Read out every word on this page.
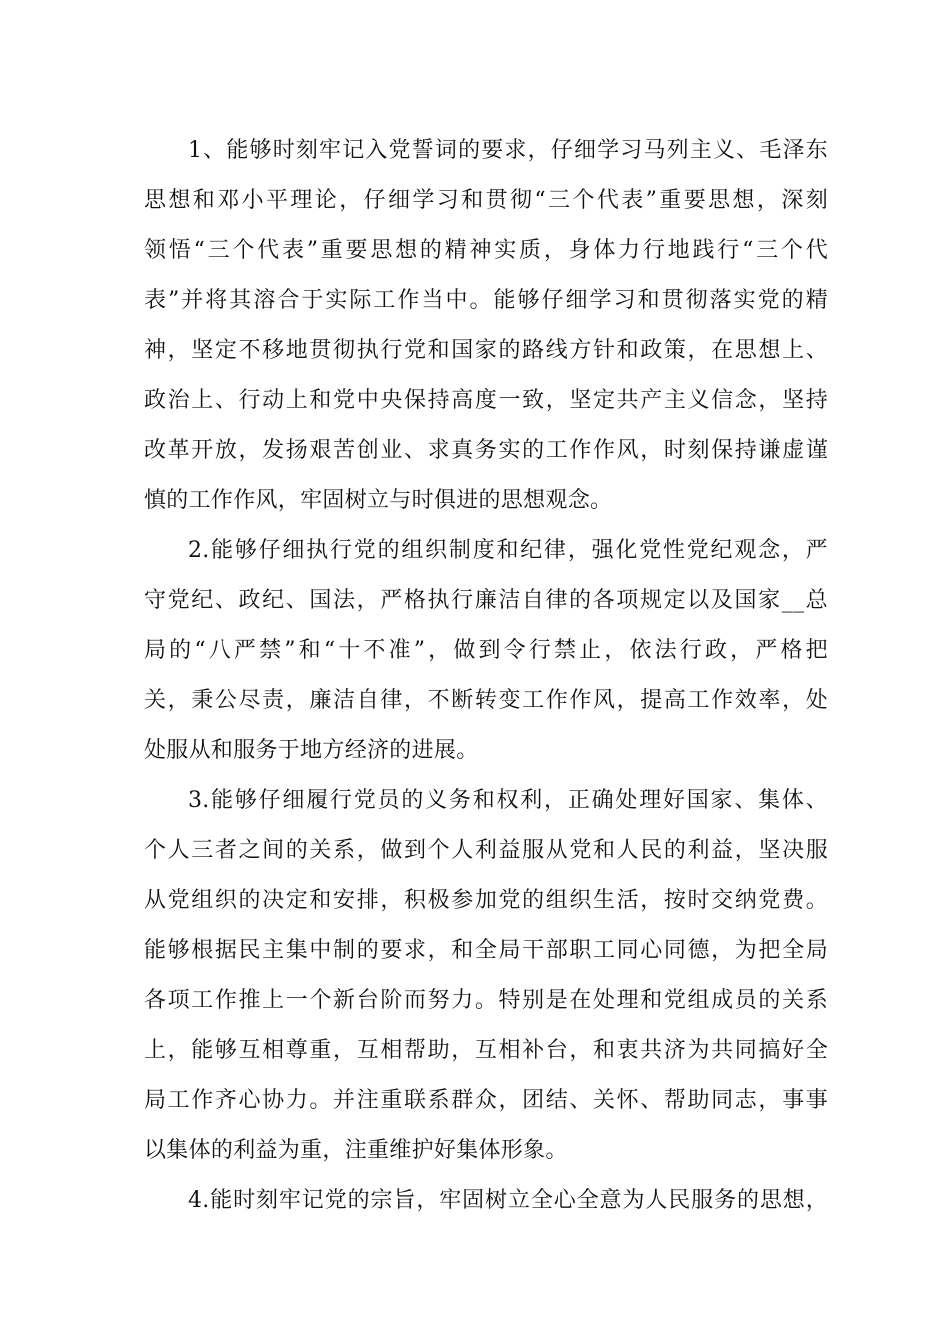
1、能够时刻牢记入党誓词的要求，仔细学习马列主义、毛泽东
思想和邓小平理论，仔细学习和贯彻“三个代表”重要思想，深刻
领悟“三个代表”重要思想的精神实质，身体力行地践行“三个代
表”并将其溶合于实际工作当中。能够仔细学习和贯彻落实党的精
神，坚定不移地贯彻执行党和国家的路线方针和政策，在思想上、
政治上、行动上和党中央保持高度一致，坚定共产主义信念，坚持
改革开放，发扬艰苦创业、求真务实的工作作风，时刻保持谦虚谨
慎的工作作风，牢固树立与时俱进的思想观念。
2.能够仔细执行党的组织制度和纪律，强化党性党纪观念，严
守党纪、政纪、国法，严格执行廉洁自律的各项规定以及国家__总
局的“八严禁”和“十不准”，做到令行禁止，依法行政，严格把
关，秉公尽责，廉洁自律，不断转变工作作风，提高工作效率，处
处服从和服务于地方经济的进展。
3.能够仔细履行党员的义务和权利，正确处理好国家、集体、
个人三者之间的关系，做到个人利益服从党和人民的利益，坚决服
从党组织的决定和安排，积极参加党的组织生活，按时交纳党费。
能够根据民主集中制的要求，和全局干部职工同心同德，为把全局
各项工作推上一个新台阶而努力。特别是在处理和党组成员的关系
上，能够互相尊重，互相帮助，互相补台，和衷共济为共同搞好全
局工作齐心协力。并注重联系群众，团结、关怀、帮助同志，事事
以集体的利益为重，注重维护好集体形象。
4.能时刻牢记党的宗旨，牢固树立全心全意为人民服务的思想，
